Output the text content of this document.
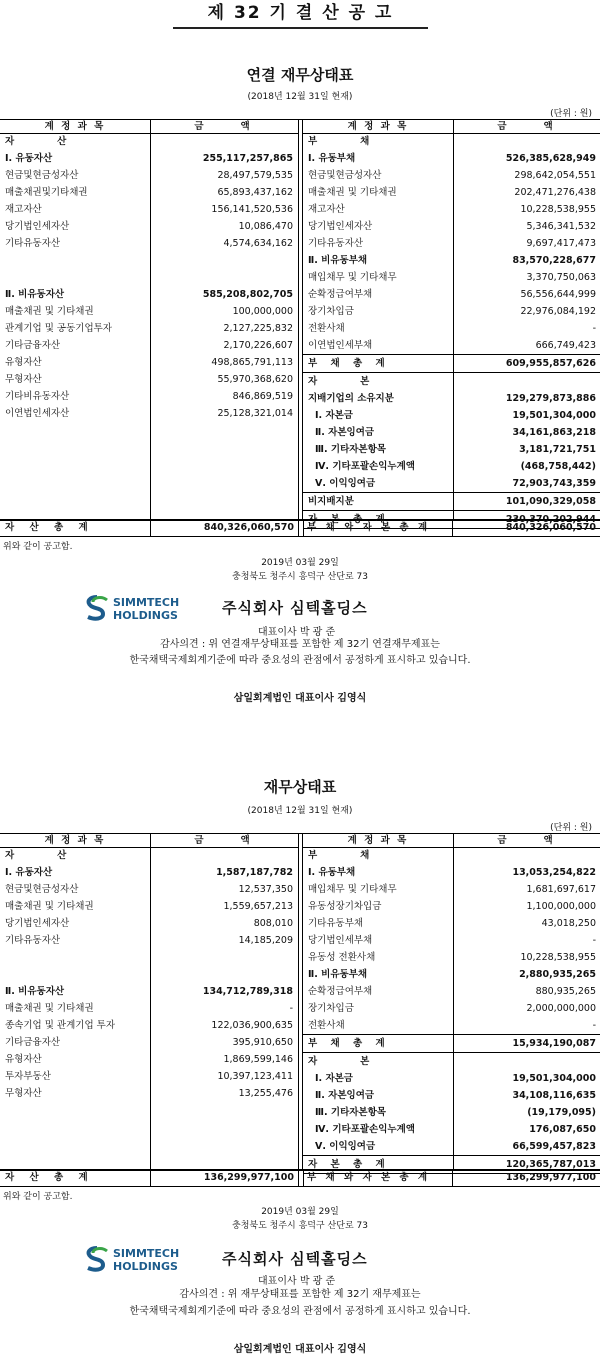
제 32 기 결 산 공 고
연결 재무상태표
(2018년 12월 31일 현재)
(단위 : 원)
계 정 과 목	금　　액
자　　산
Ⅰ. 유동자산	255,117,257,865
현금및현금성자산	28,497,579,535
매출채권및기타채권	65,893,437,162
재고자산	156,141,520,536
당기법인세자산	10,086,470
기타유동자산	4,574,634,162
Ⅱ. 비유동자산	585,208,802,705
매출채권 및 기타채권	100,000,000
관계기업 및 공동기업투자	2,127,225,832
기타금융자산	2,170,226,607
유형자산	498,865,791,113
무형자산	55,970,368,620
기타비유동자산	846,869,519
이연법인세자산	25,128,321,014
계 정 과 목	금　　액
부　　채
Ⅰ. 유동부채	526,385,628,949
현금및현금성자산	298,642,054,551
매출채권 및 기타채권	202,471,276,438
재고자산	10,228,538,955
당기법인세자산	5,346,341,532
기타유동자산	9,697,417,473
Ⅱ. 비유동부채	83,570,228,677
매입채무 및 기타채무	3,370,750,063
순확정급여부채	56,556,644,999
장기차입금	22,976,084,192
전환사채	-
이연법인세부채	666,749,423
부 채 총 계	609,955,857,626
자　　본
지배기업의 소유지분	129,279,873,886
Ⅰ. 자본금	19,501,304,000
Ⅱ. 자본잉여금	34,161,863,218
Ⅲ. 기타자본항목	3,181,721,751
Ⅳ. 기타포괄손익누계액	(468,758,442)
Ⅴ. 이익잉여금	72,903,743,359
비지배지분	101,090,329,058
자 본 총 계	230,370,202,944
자 산 총 계	840,326,060,570 부 채 와 자 본 총 계	840,326,060,570
위와 같이 공고함.
2019년 03월 29일
충청북도 청주시 흥덕구 산단로 73
SIMMTECH
HOLDINGS	주식회사 심텍홀딩스
대표이사 박 광 준
감사의견 : 위 연결재무상태표를 포함한 제 32기 연결재무제표는
한국채택국제회계기준에 따라 중요성의 관점에서 공정하게 표시하고 있습니다.
삼일회계법인 대표이사 김영식
재무상태표
(2018년 12월 31일 현재)
(단위 : 원)
계 정 과 목	금　　액
자　　산
Ⅰ. 유동자산	1,587,187,782
현금및현금성자산	12,537,350
매출채권 및 기타채권	1,559,657,213
당기법인세자산	808,010
기타유동자산	14,185,209
Ⅱ. 비유동자산	134,712,789,318
매출채권 및 기타채권	-
종속기업 및 관계기업 투자	122,036,900,635
기타금융자산	395,910,650
유형자산	1,869,599,146
투자부동산	10,397,123,411
무형자산	13,255,476
계 정 과 목	금　　액
부　　채
Ⅰ. 유동부채	13,053,254,822
매입채무 및 기타채무	1,681,697,617
유동성장기차입금	1,100,000,000
기타유동부채	43,018,250
당기법인세부채	-
유동성 전환사채	10,228,538,955
Ⅱ. 비유동부채	2,880,935,265
순확정급여부채	880,935,265
장기차입금	2,000,000,000
전환사채	-
부 채 총 계	15,934,190,087
자　　본
Ⅰ. 자본금	19,501,304,000
Ⅱ. 자본잉여금	34,108,116,635
Ⅲ. 기타자본항목	(19,179,095)
Ⅳ. 기타포괄손익누계액	176,087,650
Ⅴ. 이익잉여금	66,599,457,823
자 본 총 계	120,365,787,013
자 산 총 계	136,299,977,100 부 채 와 자 본 총 계	136,299,977,100
위와 같이 공고함.
2019년 03월 29일
충청북도 청주시 흥덕구 산단로 73
SIMMTECH
HOLDINGS	주식회사 심텍홀딩스
대표이사 박 광 준
감사의견 : 위 재무상태표를 포함한 제 32기 재무제표는
한국채택국제회계기준에 따라 중요성의 관점에서 공정하게 표시하고 있습니다.
삼일회계법인 대표이사 김영식
